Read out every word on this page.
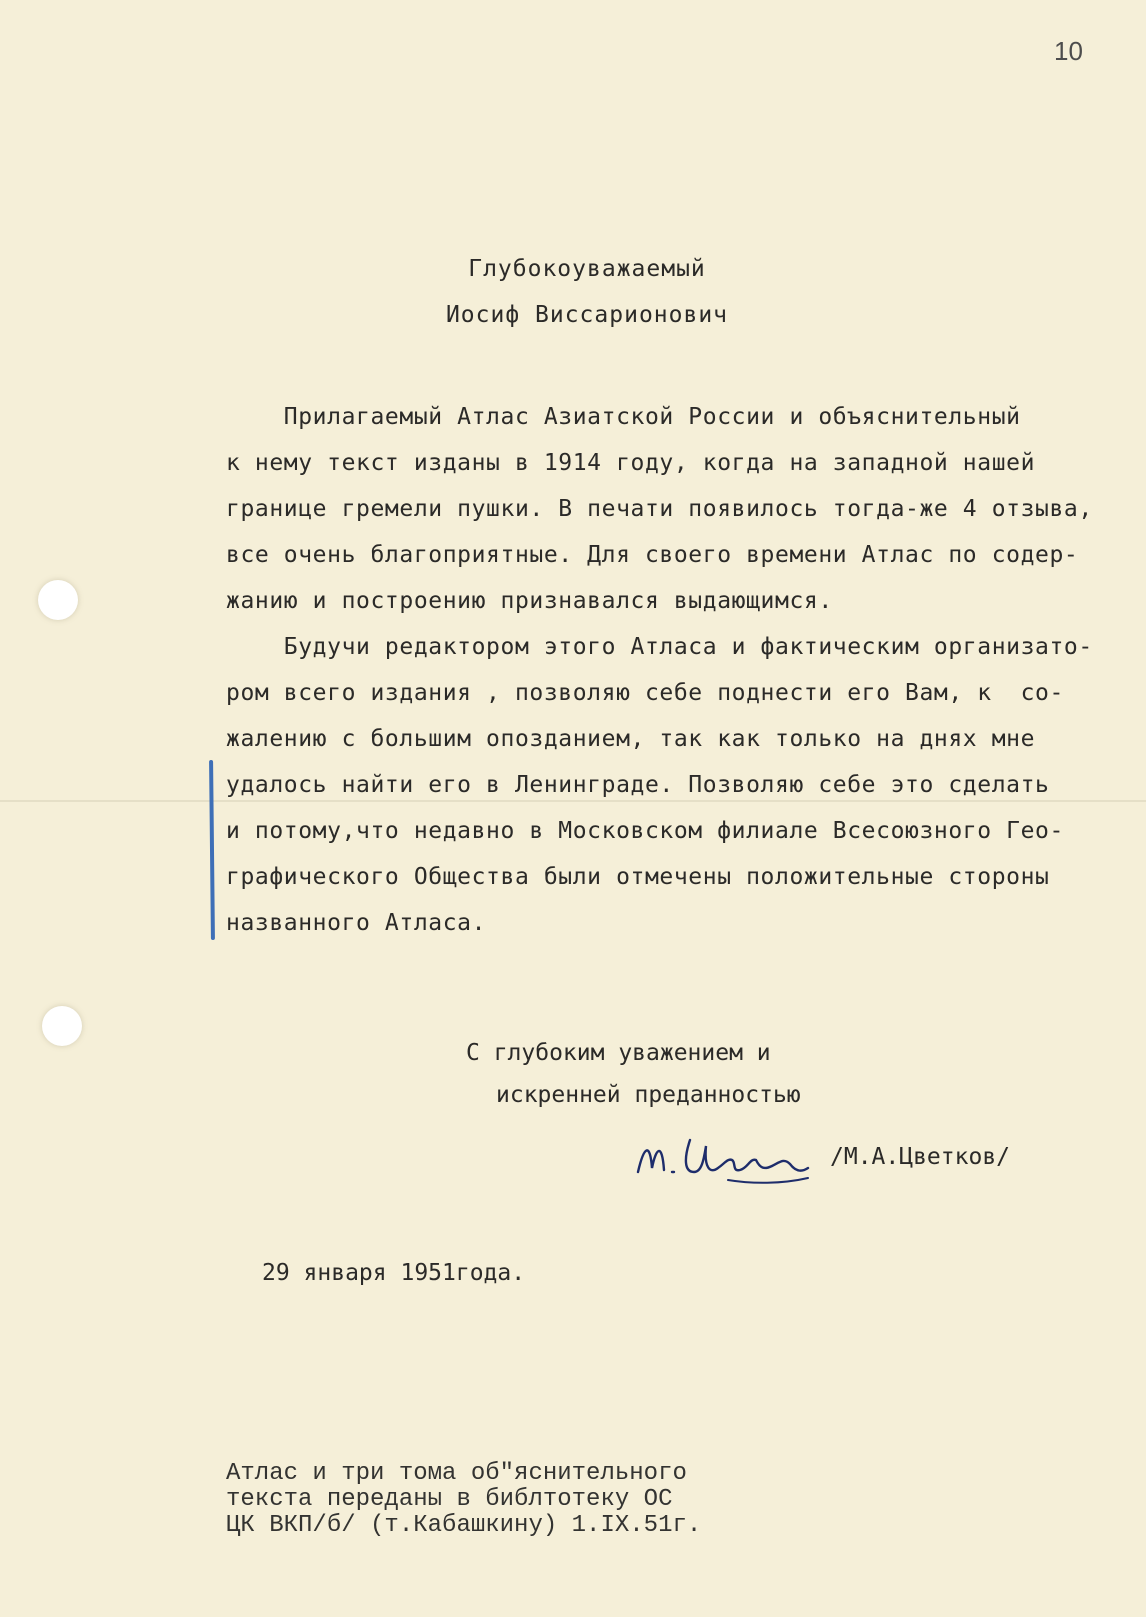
10
Глубокоуважаемый
Иосиф Виссарионович
Прилагаемый Атлас Азиатской России и объяснительный
к нему текст изданы в 1914 году, когда на западной нашей
границе гремели пушки. В печати появилось тогда-же 4 отзыва,
все очень благоприятные. Для своего времени Атлас по содер-
жанию и построению признавался выдающимся.
Будучи редактором этого Атласа и фактическим организато-
ром всего издания , позволяю себе поднести его Вам, к  со-
жалению с большим опозданием, так как только на днях мне
удалось найти его в Ленинграде. Позволяю себе это сделать
и потому,что недавно в Московском филиале Всесоюзного Гео-
графического Общества были отмечены положительные стороны
названного Атласа.
С глубоким уважением и
искренней преданностью
/М.А.Цветков/
29 января 1951года.
Атлас и три тома об"яснительного
текста переданы в библтотеку ОС
ЦК ВКП/б/ (т.Кабашкину) 1.IX.51г.
